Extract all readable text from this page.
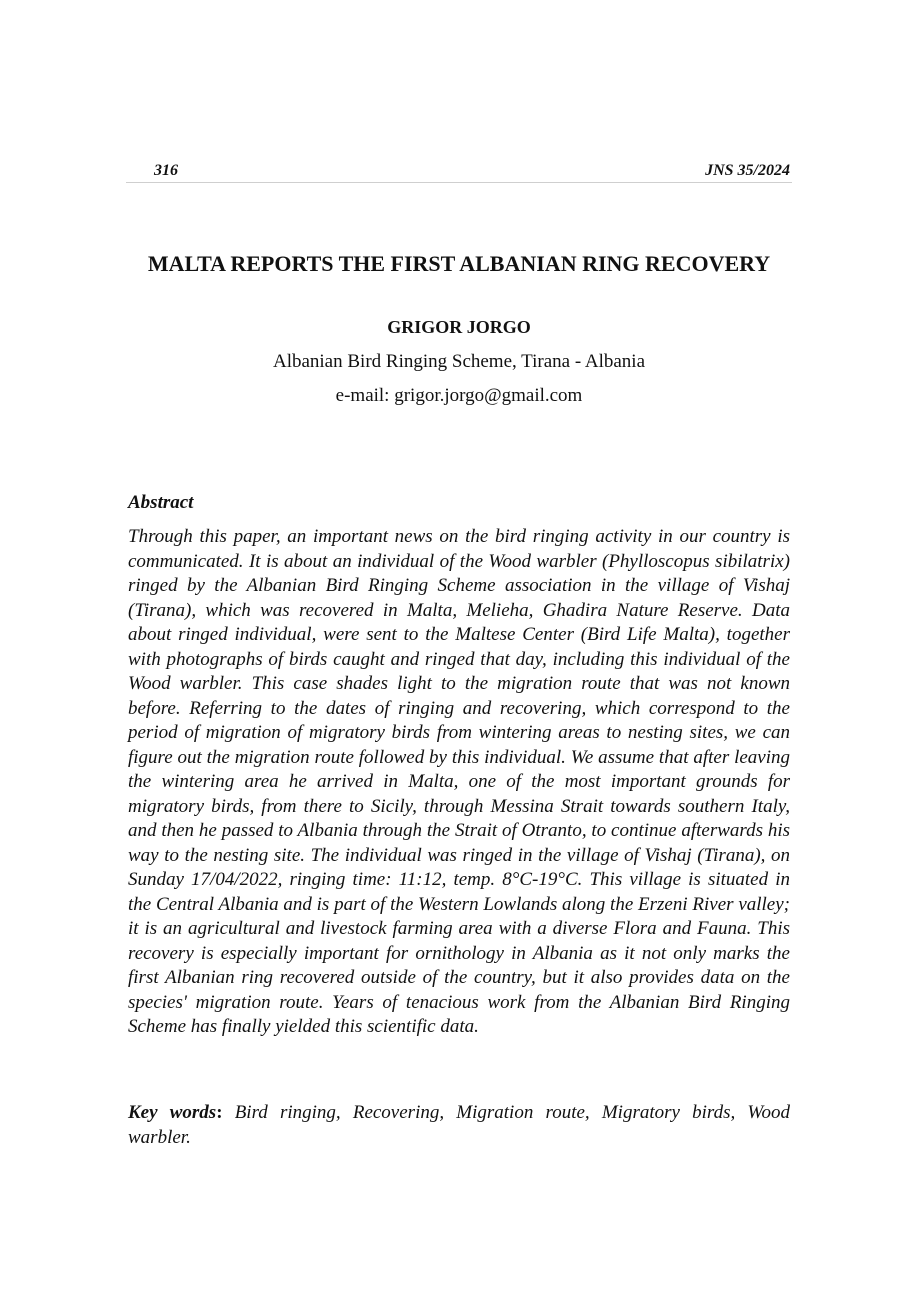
316	JNS 35/2024
MALTA REPORTS THE FIRST ALBANIAN RING RECOVERY

GRIGOR JORGO

Albanian Bird Ringing Scheme, Tirana - Albania

e-mail: grigor.jorgo@gmail.com

Abstract

Through this paper, an important news on the bird ringing activity in our country is communicated. It is about an individual of the Wood warbler (Phylloscopus sibilatrix) ringed by the Albanian Bird Ringing Scheme association in the village of Vishaj (Tirana), which was recovered in Malta, Melieha, Ghadira Nature Reserve. Data about ringed individual, were sent to the Maltese Center (Bird Life Malta), together with photographs of birds caught and ringed that day, including this individual of the Wood warbler. This case shades light to the migration route that was not known before. Referring to the dates of ringing and recovering, which correspond to the period of migration of migratory birds from wintering areas to nesting sites, we can figure out the migration route followed by this individual. We assume that after leaving the wintering area he arrived in Malta, one of the most important grounds for migratory birds, from there to Sicily, through Messina Strait towards southern Italy, and then he passed to Albania through the Strait of Otranto, to continue afterwards his way to the nesting site. The individual was ringed in the village of Vishaj (Tirana), on Sunday 17/04/2022, ringing time: 11:12, temp. 8°C-19°C. This village is situated in the Central Albania and is part of the Western Lowlands along the Erzeni River valley; it is an agricultural and livestock farming area with a diverse Flora and Fauna. This recovery is especially important for ornithology in Albania as it not only marks the first Albanian ring recovered outside of the country, but it also provides data on the species' migration route. Years of tenacious work from the Albanian Bird Ringing Scheme has finally yielded this scientific data.

Key words: Bird ringing, Recovering, Migration route, Migratory birds, Wood warbler.
